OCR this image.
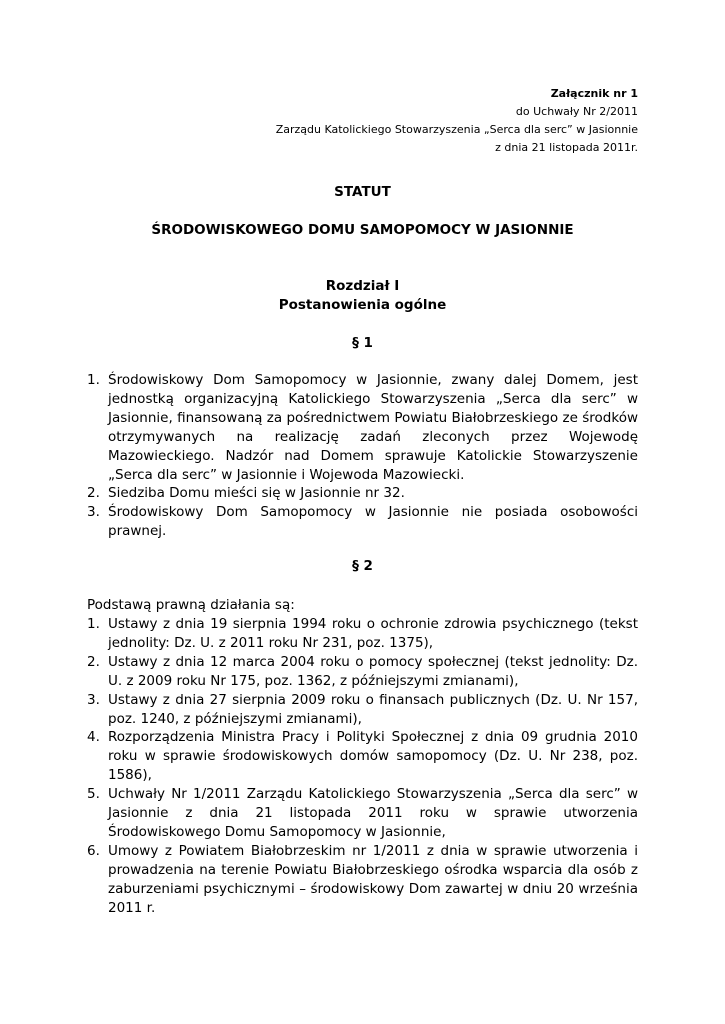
Załącznik nr 1
do Uchwały Nr 2/2011
Zarządu Katolickiego Stowarzyszenia „Serca dla serc” w Jasionnie
z dnia 21 listopada 2011r.
STATUT
ŚRODOWISKOWEGO DOMU SAMOPOMOCY W JASIONNIE
Rozdział I
Postanowienia ogólne
§ 1
1. Środowiskowy Dom Samopomocy w Jasionnie, zwany dalej Domem, jest jednostką organizacyjną Katolickiego Stowarzyszenia „Serca dla serc” w Jasionnie, finansowaną za pośrednictwem Powiatu Białobrzeskiego ze środków otrzymywanych na realizację zadań zleconych przez Wojewodę Mazowieckiego. Nadzór nad Domem sprawuje Katolickie Stowarzyszenie „Serca dla serc” w Jasionnie i Wojewoda Mazowiecki.
2. Siedziba Domu mieści się w Jasionnie nr 32.
3. Środowiskowy Dom Samopomocy w Jasionnie nie posiada osobowości prawnej.
§ 2
Podstawą prawną działania są:
1. Ustawy z dnia 19 sierpnia 1994 roku o ochronie zdrowia psychicznego (tekst jednolity: Dz. U. z 2011 roku Nr 231, poz. 1375),
2. Ustawy z dnia 12 marca 2004 roku o pomocy społecznej (tekst jednolity: Dz. U. z 2009 roku Nr 175, poz. 1362, z późniejszymi zmianami),
3. Ustawy z dnia 27 sierpnia 2009 roku o finansach publicznych (Dz. U. Nr 157, poz. 1240, z późniejszymi zmianami),
4. Rozporządzenia Ministra Pracy i Polityki Społecznej z dnia 09 grudnia 2010 roku w sprawie środowiskowych domów samopomocy (Dz. U. Nr 238, poz. 1586),
5. Uchwały Nr 1/2011 Zarządu Katolickiego Stowarzyszenia „Serca dla serc” w Jasionnie z dnia 21 listopada 2011 roku w sprawie utworzenia Środowiskowego Domu Samopomocy w Jasionnie,
6. Umowy z Powiatem Białobrzeskim nr 1/2011 z dnia w sprawie utworzenia i prowadzenia na terenie Powiatu Białobrzeskiego ośrodka wsparcia dla osób z zaburzeniami psychicznymi – środowiskowy Dom zawartej w dniu 20 września 2011 r.
